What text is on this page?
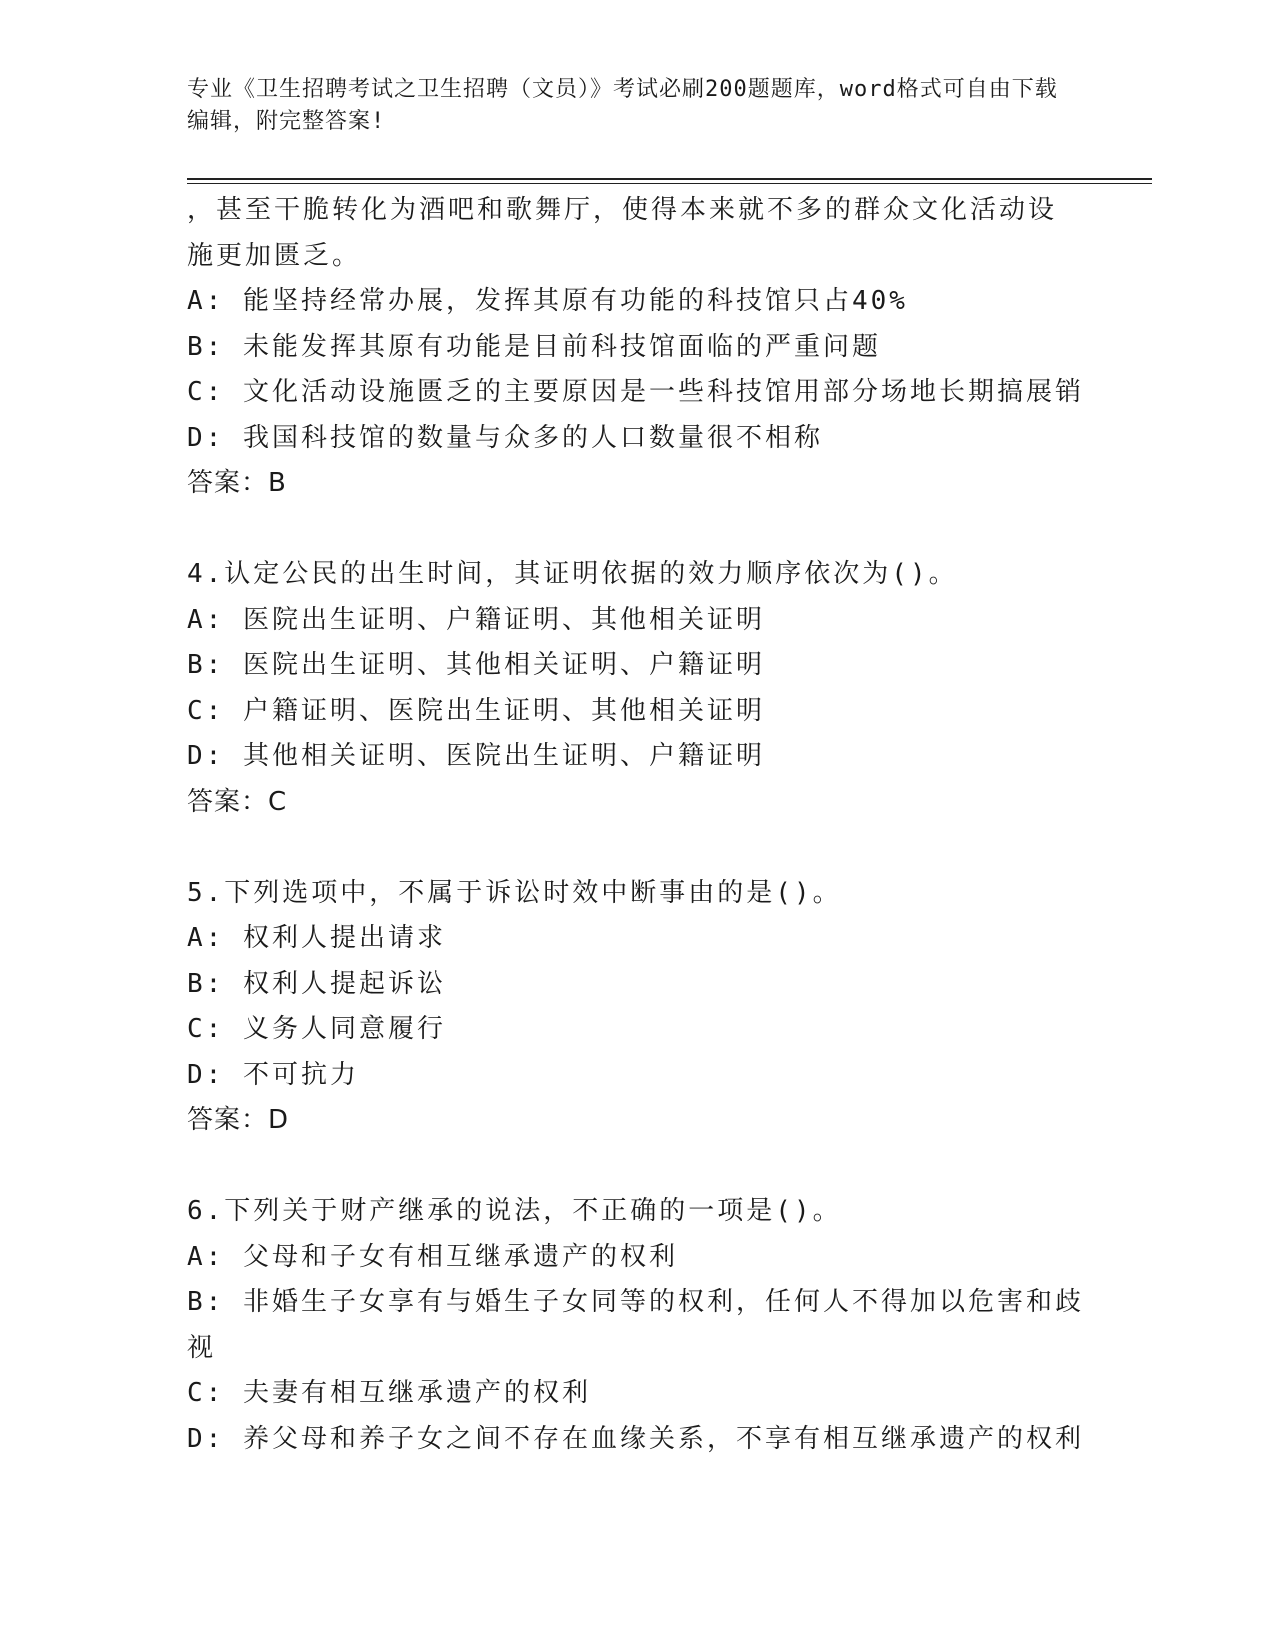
专业《卫生招聘考试之卫生招聘（文员）》考试必刷200题题库，word格式可自由下载编辑，附完整答案!
，甚至干脆转化为酒吧和歌舞厅，使得本来就不多的群众文化活动设
施更加匮乏。
A: 能坚持经常办展，发挥其原有功能的科技馆只占40%
B: 未能发挥其原有功能是目前科技馆面临的严重问题
C: 文化活动设施匮乏的主要原因是一些科技馆用部分场地长期搞展销
D: 我国科技馆的数量与众多的人口数量很不相称
答案：B
4.认定公民的出生时间，其证明依据的效力顺序依次为()。
A: 医院出生证明、户籍证明、其他相关证明
B: 医院出生证明、其他相关证明、户籍证明
C: 户籍证明、医院出生证明、其他相关证明
D: 其他相关证明、医院出生证明、户籍证明
答案：C
5.下列选项中，不属于诉讼时效中断事由的是()。
A: 权利人提出请求
B: 权利人提起诉讼
C: 义务人同意履行
D: 不可抗力
答案：D
6.下列关于财产继承的说法，不正确的一项是()。
A: 父母和子女有相互继承遗产的权利
B: 非婚生子女享有与婚生子女同等的权利，任何人不得加以危害和歧视
C: 夫妻有相互继承遗产的权利
D: 养父母和养子女之间不存在血缘关系，不享有相互继承遗产的权利
